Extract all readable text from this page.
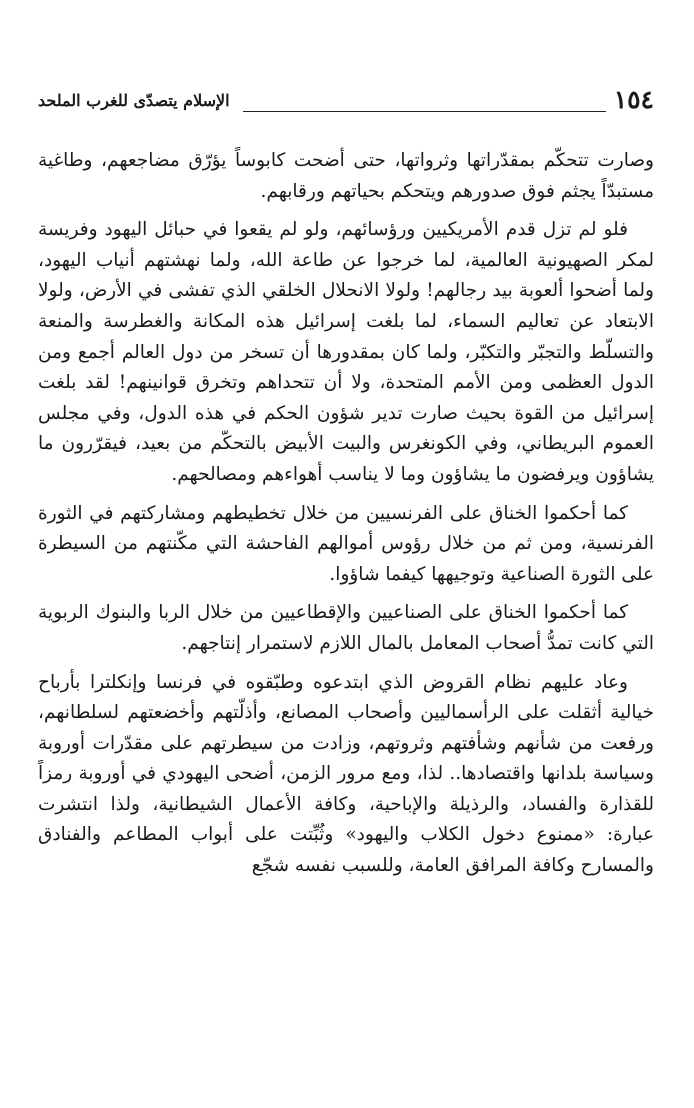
١٥٤
الإسلام يتصدّى للغرب الملحد

وصارت تتحكّم بمقدّراتها وثرواتها، حتى أضحت كابوساً يؤرّق مضاجعهم، وطاغية مستبدّاً يجثم فوق صدورهم ويتحكم بحياتهم ورقابهم.

فلو لم تزل قدم الأمريكيين ورؤسائهم، ولو لم يقعوا في حبائل اليهود وفريسة لمكر الصهيونية العالمية، لما خرجوا عن طاعة الله، ولما نهشتهم أنياب اليهود، ولما أضحوا ألعوبة بيد رجالهم! ولولا الانحلال الخلقي الذي تفشى في الأرض، ولولا الابتعاد عن تعاليم السماء، لما بلغت إسرائيل هذه المكانة والغطرسة والمنعة والتسلّط والتجبّر والتكبّر، ولما كان بمقدورها أن تسخر من دول العالم أجمع ومن الدول العظمى ومن الأمم المتحدة، ولا أن تتحداهم وتخرق قوانينهم! لقد بلغت إسرائيل من القوة بحيث صارت تدير شؤون الحكم في هذه الدول، وفي مجلس العموم البريطاني، وفي الكونغرس والبيت الأبيض بالتحكّم من بعيد، فيقرّرون ما يشاؤون ويرفضون ما يشاؤون وما لا يناسب أهواءهم ومصالحهم.

كما أحكموا الخناق على الفرنسيين من خلال تخطيطهم ومشاركتهم في الثورة الفرنسية، ومن ثم من خلال رؤوس أموالهم الفاحشة التي مكّنتهم من السيطرة على الثورة الصناعية وتوجيهها كيفما شاؤوا.

كما أحكموا الخناق على الصناعيين والإقطاعيين من خلال الربا والبنوك الربوية التي كانت تمدُّ أصحاب المعامل بالمال اللازم لاستمرار إنتاجهم.

وعاد عليهم نظام القروض الذي ابتدعوه وطبّقوه في فرنسا وإنكلترا بأرباح خيالية أثقلت على الرأسماليين وأصحاب المصانع، وأذلّتهم وأخضعتهم لسلطانهم، ورفعت من شأنهم وشأفتهم وثروتهم، وزادت من سيطرتهم على مقدّرات أوروبة وسياسة بلدانها واقتصادها.. لذا، ومع مرور الزمن، أضحى اليهودي في أوروبة رمزاً للقذارة والفساد، والرذيلة والإباحية، وكافة الأعمال الشيطانية، ولذا انتشرت عبارة: «ممنوع دخول الكلاب واليهود» وثُبِّتت على أبواب المطاعم والفنادق والمسارح وكافة المرافق العامة، وللسبب نفسه شجّع
